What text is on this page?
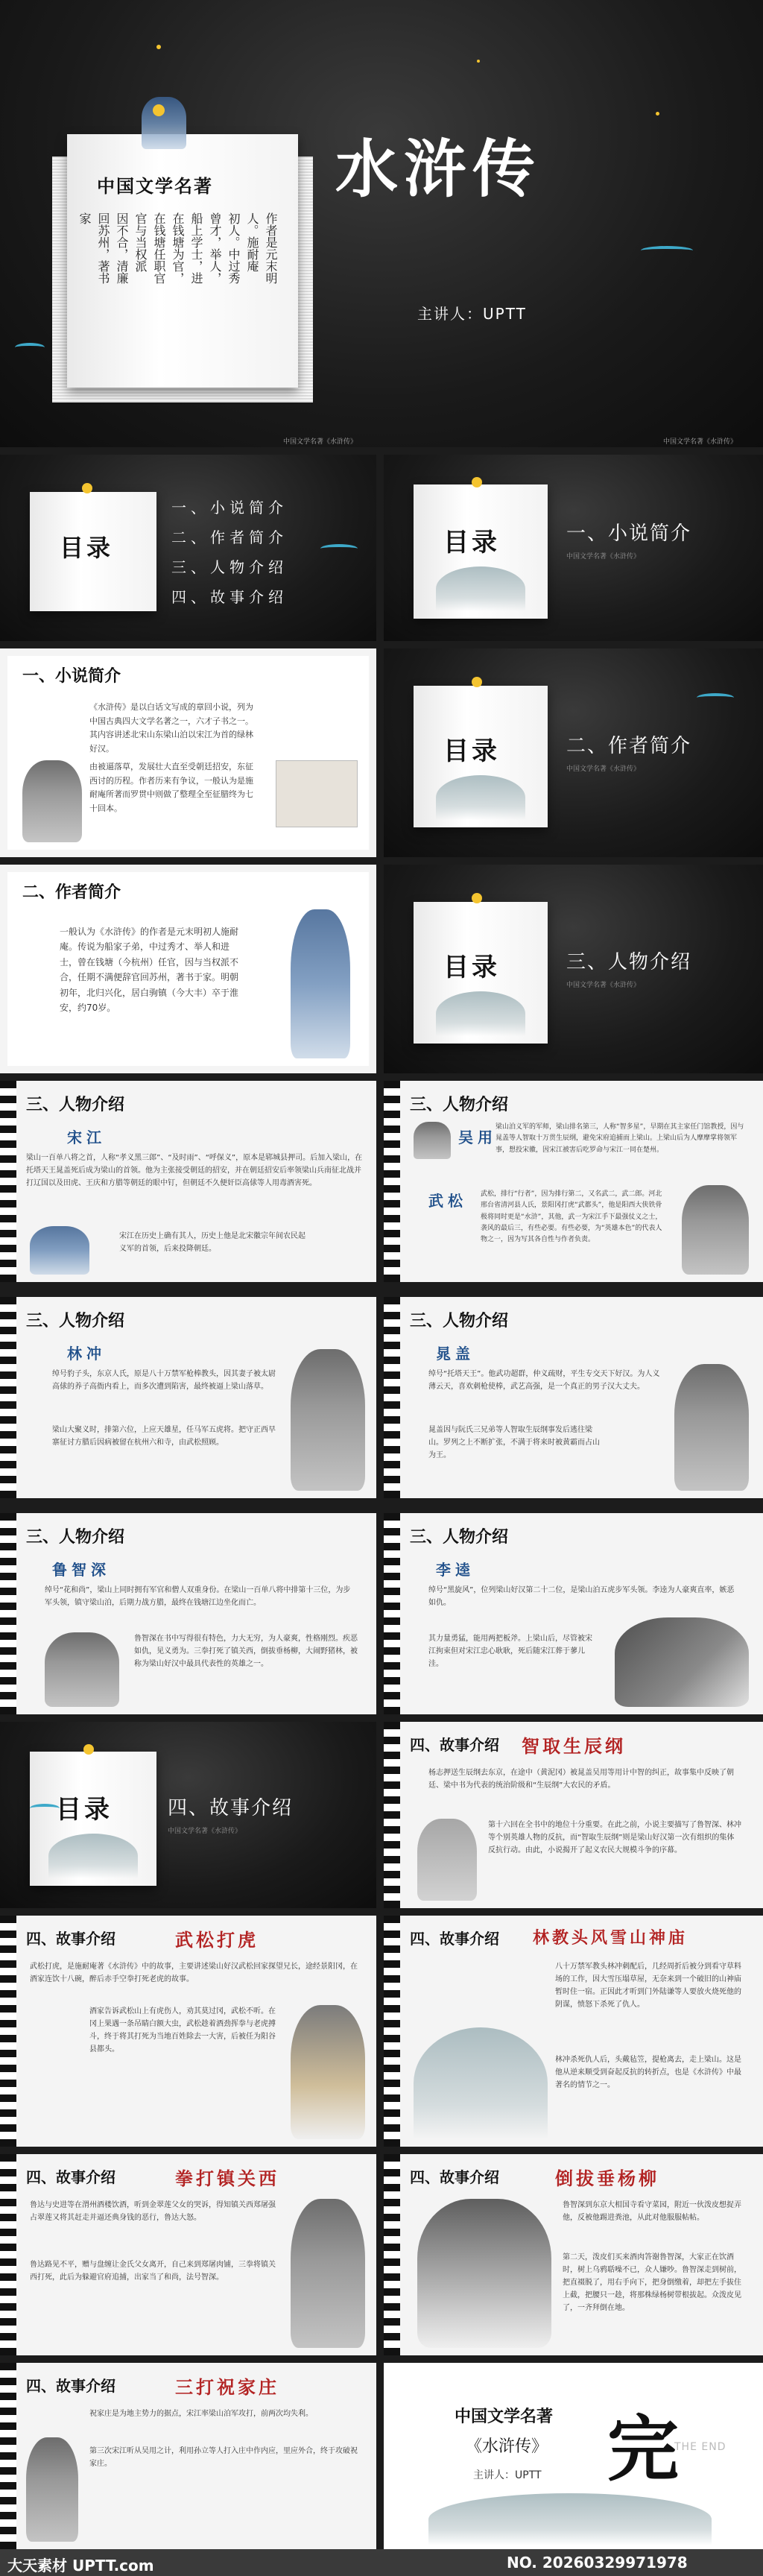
中国文学名著
作者是元末明
人。施耐庵
初人。中过秀
曾才，举人，
船上学士，进
在钱塘为官，
在钱塘任职官
官与当权派
因不合，清廉
回苏州，著书
家
水浒传
主讲人：UPTT
中国文学名著《水浒传》	中国文学名著《水浒传》
目录
一、小说简介
二、作者简介
三、人物介绍
四、故事介绍
目录	一、小说简介
中国文学名著《水浒传》
一、小说简介
《水浒传》是以白话文写成的章回小说，列为中国古典四大文学名著之一，六才子书之一。其内容讲述北宋山东梁山泊以宋江为首的绿林好汉。
由被逼落草，发展壮大直至受朝廷招安，东征西讨的历程。作者历来有争议，一般认为是施耐庵所著而罗贯中则做了整理全至征腊终为七十回本。
目录	二、作者简介
中国文学名著《水浒传》
二、作者简介
一般认为《水浒传》的作者是元末明初人施耐庵。传说为船家子弟，中过秀才、举人和进士，曾在钱塘（今杭州）任官，因与当权派不合，任期不满便辞官回苏州，著书于家。明朝初年，北归兴化，居白驹镇（今大丰）卒于淮安，约70岁。
目录	三、人物介绍
中国文学名著《水浒传》
三、人物介绍
宋江
梁山一百单八将之首，人称“孝义黑三郎”、“及时雨”、“呼保义”，原本是郓城县押司。后加入梁山，在托塔天王晁盖死后成为梁山的首领。他为主张接受朝廷的招安，并在朝廷招安后率领梁山兵南征北战并打辽国以及田虎、王庆和方腊等朝廷的眼中钉，但朝廷不久便奸臣高俅等人用毒酒害死。
宋江在历史上确有其人，历史上他是北宋徽宗年间农民起义军的首领，后来投降朝廷。
三、人物介绍
吴用
梁山泊义军的军师，梁山排名第三，人称“智多星”，早期在其主家任门馆教授，因与晁盖等人智取十万贯生辰纲，避免宋府追捕而上梁山。上梁山后为人摩摩掌将领军事，想投宋徽，因宋江被害后吃罗命与宋江一同在楚州。
武松 武松，排行“行者”，因为排行第二，又名武二，武二郎。河北邢台省清河县人氏，景阳冈打虎“武都头”，他是阳西大侠铁骨极将同时更是“水浒”，其他，武一为宋江手下最强仗义之士，袭风的最后三，有些必要。有些必要，为“英雄本色”的代表人物之一，因为写其各自性与作者负责。
三、人物介绍
林冲
绰号豹子头，东京人氏，原是八十万禁军枪棒教头，因其妻子被太尉高俅的养子高衙内看上，而多次遭到陷害，最终被逼上梁山落草。
梁山大聚义时，排第六位，上应天雄星，任马军五虎将。把守正西早寨征讨方腊后因病被留在杭州六和寺，由武松照顾。
三、人物介绍
晁盖
绰号“托塔天王”。他武功超群，仲义疏财，平生专交天下好汉。为人义薄云天，喜欢刺枪使棒，武艺高强，是一个真正的男子汉大丈夫。
晁盖因与阮氏三兄弟等人智取生辰纲事发后逃往梁山。罗列之上不断扩张，不满于将来时被黄霸而占山为王。
三、人物介绍
鲁智深
绰号“花和尚”，梁山上同时拥有军官和僧人双重身份。在梁山一百单八将中排第十三位，为步军头领，镇守梁山泊，后期力战方腊，最终在钱塘江边坐化而亡。
鲁智深在书中写得很有特色，力大无穷，为人豪爽，性格刚烈。疾恶如仇，见义勇为。三拳打死了镇关西，倒拔垂杨柳，大闹野猪林，被称为梁山好汉中最具代表性的英雄之一。
三、人物介绍
李逵
绰号“黑旋风”，位列梁山好汉第二十二位，是梁山泊五虎步军头领。李逵为人豪爽直率，嫉恶如仇。
其力量勇猛，能用两把板斧。上梁山后，尽管被宋江拘束但对宋江忠心耿耿，死后随宋江葬于蓼儿洼。
目录	四、故事介绍
中国文学名著《水浒传》
四、故事介绍 智取生辰纲
杨志押送生辰纲去东京，在途中（黄泥冈）被晁盖吴用等用计中智的纠正，故事集中反映了朝廷、梁中书为代表的统治阶级和“生辰纲”大农民的矛盾。
第十六回在全书中的地位十分重要。在此之前，小说主要描写了鲁智深、林冲等个别英雄人物的反抗，而“智取生辰纲”则是梁山好汉第一次有组织的集体反抗行动。由此，小说揭开了起义农民大规模斗争的序幕。
四、故事介绍	武松打虎
武松打虎，是施耐庵著《水浒传》中的故事，主要讲述梁山好汉武松回家探望兄长，途经景阳冈，在酒家连饮十八碗，醉后赤手空拳打死老虎的故事。
酒家告诉武松山上有虎伤人，劝其莫过冈，武松不听。在冈上果遇一条吊睛白额大虫，武松趁着酒劲挥拳与老虎搏斗，终于将其打死为当地百姓除去一大害，后被任为阳谷县都头。
四、故事介绍 林教头风雪山神庙
八十万禁军教头林冲刺配后，几经周折后被分到看守草料场的工作，因大雪压塌草屋，无奈来到一个破旧的山神庙暂时住一宿。正因此才听到门外陆谦等人要放火烧死他的阴谋，愤怒下杀死了仇人。
林冲杀死仇人后，头戴毡笠，提枪离去，走上梁山。这是他从逆来顺受到奋起反抗的转折点，也是《水浒传》中最著名的情节之一。
四、故事介绍	拳打镇关西
鲁达与史进等在渭州酒楼饮酒，听到金翠莲父女的哭诉，得知镇关西郑屠强占翠莲又将其赶走并逼还典身钱的恶行，鲁达大怒。
鲁达路见不平，赠与盘缠让金氏父女离开，自己来到郑屠肉铺，三拳将镇关西打死，此后为躲避官府追捕，出家当了和尚，法号智深。
四、故事介绍	倒拔垂杨柳
鲁智深到东京大相国寺看守菜园，附近一伙泼皮想捉弄他，反被他踢进粪池，从此对他服服帖帖。
第二天，泼皮们买来酒肉答谢鲁智深，大家正在饮酒时，树上乌鸦聒噪不已，众人嫌吵。鲁智深走到树前，把直裰脱了，用右手向下，把身倒缴着，却把左手拔住上截，把腰只一趁，将那株绿杨树带根拔起。众泼皮见了，一齐拜倒在地。
四、故事介绍	三打祝家庄
祝家庄是为地主势力的据点，宋江率梁山泊军攻打，前两次均失利。
第三次宋江听从吴用之计，利用孙立等人打入庄中作内应，里应外合，终于攻破祝家庄。
中国文学名著
《水浒传》
主讲人：UPTT 完
THE END
大天素材 UPTT.com	NO. 20260329971978
